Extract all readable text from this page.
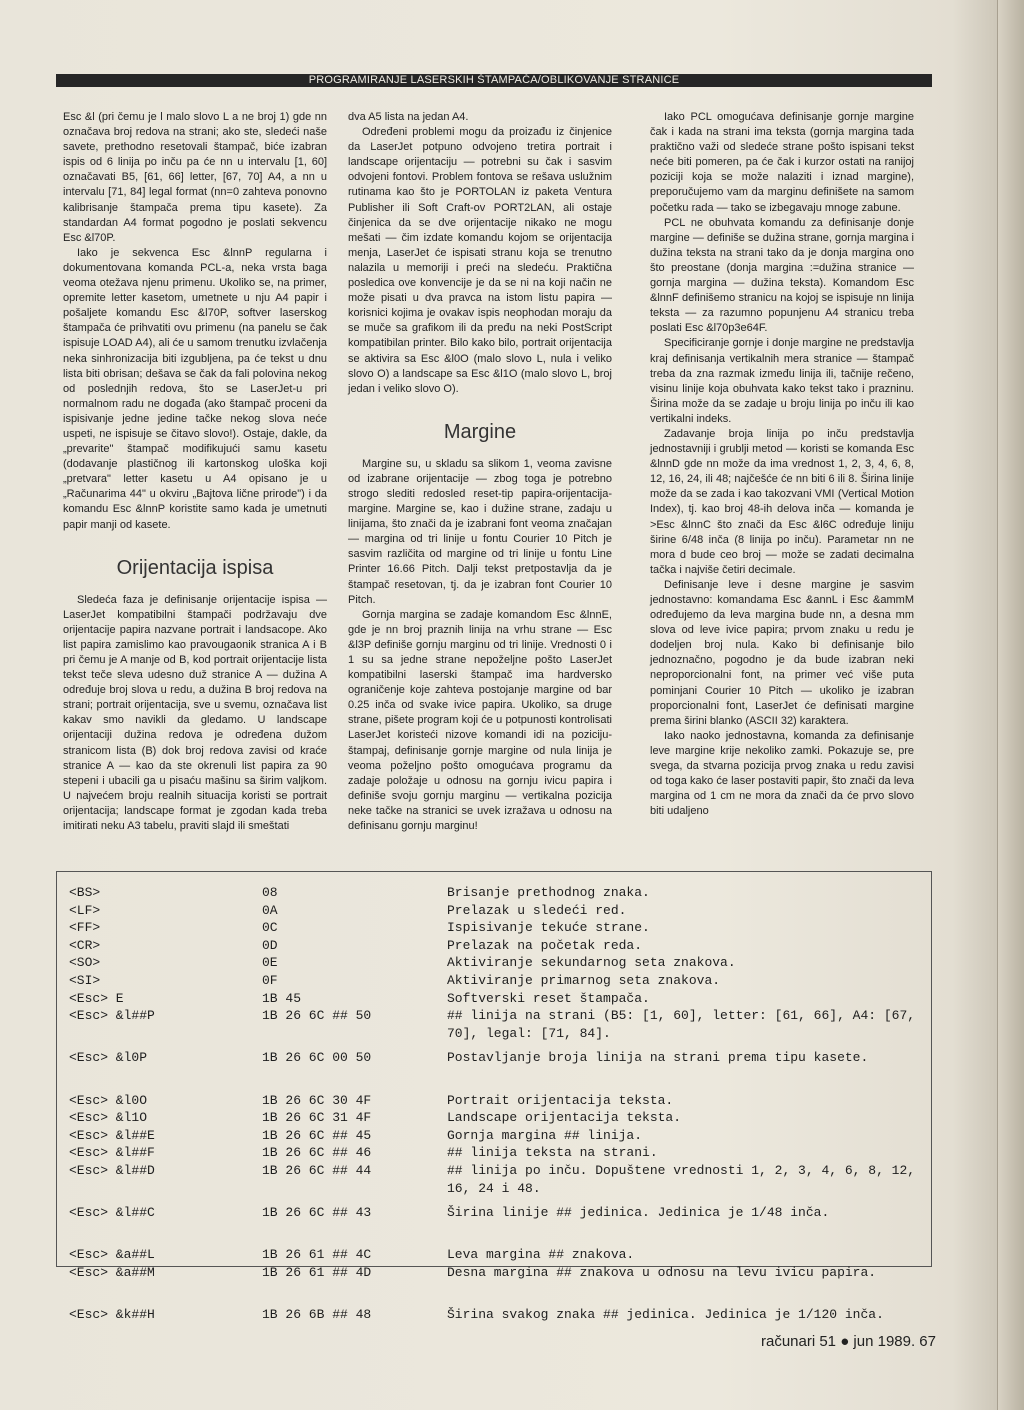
PROGRAMIRANJE LASERSKIH ŠTAMPAČA/OBLIKOVANJE STRANICE

Esc &l (pri čemu je l malo slovo L a ne broj 1) gde nn označava broj redova na strani; ako ste, sledeći naše savete, prethodno resetovali štampač, biće izabran ispis od 6 linija po inču pa će nn u intervalu [1, 60] označavati B5, [61, 66] letter, [67, 70] A4, a nn u intervalu [71, 84] legal format (nn=0 zahteva ponovno kalibrisanje štampača prema tipu kasete). Za standardan A4 format pogodno je poslati sekvencu Esc &l70P.

Iako je sekvenca Esc &lnnP regularna i dokumentovana komanda PCL-a, neka vrsta baga veoma otežava njenu primenu. Ukoliko se, na primer, opremite letter kasetom, umetnete u nju A4 papir i pošaljete komandu Esc &l70P, softver laserskog štampača će prihvatiti ovu primenu (na panelu se čak ispisuje LOAD A4), ali će u samom trenutku izvlačenja neka sinhronizacija biti izgubljena, pa će tekst u dnu lista biti obrisan; dešava se čak da fali polovina nekog od poslednjih redova, što se LaserJet-u pri normalnom radu ne događa (ako štampač proceni da ispisivanje jedne jedine tačke nekog slova neće uspeti, ne ispisuje se čitavo slovo!). Ostaje, dakle, da „prevarite" štampač modifikujući samu kasetu (dodavanje plastičnog ili kartonskog uloška koji „pretvara" letter kasetu u A4 opisano je u „Računarima 44" u okviru „Bajtova lične prirode") i da komandu Esc &lnnP koristite samo kada je umetnuti papir manji od kasete.

Orijentacija ispisa

Sledeća faza je definisanje orijentacije ispisa — LaserJet kompatibilni štampači podržavaju dve orijentacije papira nazvane portrait i landsacope. Ako list papira zamislimo kao pravougaonik stranica A i B pri čemu je A manje od B, kod portrait orijentacije lista tekst teče sleva udesno duž stranice A — dužina A određuje broj slova u redu, a dužina B broj redova na strani; portrait orijentacija, sve u svemu, označava list kakav smo navikli da gledamo. U landscape orijentaciji dužina redova je određena dužom stranicom lista (B) dok broj redova zavisi od kraće stranice A — kao da ste okrenuli list papira za 90 stepeni i ubacili ga u pisaću mašinu sa širim valjkom. U najvećem broju realnih situacija koristi se portrait orijentacija; landscape format je zgodan kada treba imitirati neku A3 tabelu, praviti slajd ili smeštati

dva A5 lista na jedan A4.

Određeni problemi mogu da proizađu iz činjenice da LaserJet potpuno odvojeno tretira portrait i landscape orijentaciju — potrebni su čak i sasvim odvojeni fontovi. Problem fontova se rešava uslužnim rutinama kao što je PORTOLAN iz paketa Ventura Publisher ili Soft Craft-ov PORT2LAN, ali ostaje činjenica da se dve orijentacije nikako ne mogu mešati — čim izdate komandu kojom se orijentacija menja, LaserJet će ispisati stranu koja se trenutno nalazila u memoriji i preći na sledeću. Praktična posledica ove konvencije je da se ni na koji način ne može pisati u dva pravca na istom listu papira — korisnici kojima je ovakav ispis neophodan moraju da se muče sa grafikom ili da pređu na neki PostScript kompatibilan printer. Bilo kako bilo, portrait orijentacija se aktivira sa Esc &l0O (malo slovo L, nula i veliko slovo O) a landscape sa Esc &l1O (malo slovo L, broj jedan i veliko slovo O).

Margine

Margine su, u skladu sa slikom 1, veoma zavisne od izabrane orijentacije — zbog toga je potrebno strogo slediti redosled reset-tip papira-orijentacija-margine. Margine se, kao i dužine strane, zadaju u linijama, što znači da je izabrani font veoma značajan — margina od tri linije u fontu Courier 10 Pitch je sasvim različita od margine od tri linije u fontu Line Printer 16.66 Pitch. Dalji tekst pretpostavlja da je štampač resetovan, tj. da je izabran font Courier 10 Pitch.

Gornja margina se zadaje komandom Esc &lnnE, gde je nn broj praznih linija na vrhu strane — Esc &l3P definiše gornju marginu od tri linije. Vrednosti 0 i 1 su sa jedne strane nepoželjne pošto LaserJet kompatibilni laserski štampač ima hardversko ograničenje koje zahteva postojanje margine od bar 0.25 inča od svake ivice papira. Ukoliko, sa druge strane, pišete program koji će u potpunosti kontrolisati LaserJet koristeći nizove komandi idi na poziciju-štampaj, definisanje gornje margine od nula linija je veoma poželjno pošto omogućava programu da zadaje položaje u odnosu na gornju ivicu papira i definiše svoju gornju marginu — vertikalna pozicija neke tačke na stranici se uvek izražava u odnosu na definisanu gornju marginu!

Iako PCL omogućava definisanje gornje margine čak i kada na strani ima teksta (gornja margina tada praktično važi od sledeće strane pošto ispisani tekst neće biti pomeren, pa će čak i kurzor ostati na ranijoj poziciji koja se može nalaziti i iznad margine), preporučujemo vam da marginu definišete na samom početku rada — tako se izbegavaju mnoge zabune.

PCL ne obuhvata komandu za definisanje donje margine — definiše se dužina strane, gornja margina i dužina teksta na strani tako da je donja margina ono što preostane (donja margina :=dužina stranice — gornja margina — dužina teksta). Komandom Esc &lnnF definišemo stranicu na kojoj se ispisuje nn linija teksta — za razumno popunjenu A4 stranicu treba poslati Esc &l70p3e64F.

Specificiranje gornje i donje margine ne predstavlja kraj definisanja vertikalnih mera stranice — štampač treba da zna razmak između linija ili, tačnije rečeno, visinu linije koja obuhvata kako tekst tako i prazninu. Širina može da se zadaje u broju linija po inču ili kao vertikalni indeks.

Zadavanje broja linija po inču predstavlja jednostavniji i grublji metod — koristi se komanda Esc &lnnD gde nn može da ima vrednost 1, 2, 3, 4, 6, 8, 12, 16, 24, ili 48; najčešće će nn biti 6 ili 8. Širina linije može da se zada i kao takozvani VMI (Vertical Motion Index), tj. kao broj 48-ih delova inča — komanda je >Esc &lnnC što znači da Esc &l6C određuje liniju širine 6/48 inča (8 linija po inču). Parametar nn ne mora d bude ceo broj — može se zadati decimalna tačka i najviše četiri decimale.

Definisanje leve i desne margine je sasvim jednostavno: komandama Esc &annL i Esc &ammM određujemo da leva margina bude nn, a desna mm slova od leve ivice papira; prvom znaku u redu je dodeljen broj nula. Kako bi definisanje bilo jednoznačno, pogodno je da bude izabran neki neproporcionalni font, na primer već više puta pominjani Courier 10 Pitch — ukoliko je izabran proporcionalni font, LaserJet će definisati margine prema širini blanko (ASCII 32) karaktera.

Iako naoko jednostavna, komanda za definisanje leve margine krije nekoliko zamki. Pokazuje se, pre svega, da stvarna pozicija prvog znaka u redu zavisi od toga kako će laser postaviti papir, što znači da leva margina od 1 cm ne mora da znači da će prvo slovo biti udaljeno

<BS>	08	Brisanje prethodnog znaka.
<LF>	0A	Prelazak u sledeći red.
<FF>	0C	Ispisivanje tekuće strane.
<CR>	0D	Prelazak na početak reda.
<SO>	0E	Aktiviranje sekundarnog seta znakova.
<SI>	0F	Aktiviranje primarnog seta znakova.
<Esc> E	1B 45	Softverski reset štampača.
<Esc> &l##P	1B 26 6C ## 50	## linija na strani (B5: [1, 60], letter: [61, 66], A4: [67, 70], legal: [71, 84].
<Esc> &l0P	1B 26 6C 00 50	Postavljanje broja linija na strani prema tipu kasete.
<Esc> &l0O	1B 26 6C 30 4F	Portrait orijentacija teksta.
<Esc> &l1O	1B 26 6C 31 4F	Landscape orijentacija teksta.
<Esc> &l##E	1B 26 6C ## 45	Gornja margina ## linija.
<Esc> &l##F	1B 26 6C ## 46	## linija teksta na strani.
<Esc> &l##D	1B 26 6C ## 44	## linija po inču. Dopuštene vrednosti 1, 2, 3, 4, 6, 8, 12, 16, 24 i 48.
<Esc> &l##C	1B 26 6C ## 43	Širina linije ## jedinica. Jedinica je 1/48 inča.
<Esc> &a##L	1B 26 61 ## 4C	Leva margina ## znakova.
<Esc> &a##M	1B 26 61 ## 4D	Desna margina ## znakova u odnosu na levu ivicu papira.
<Esc> &k##H	1B 26 6B ## 48	Širina svakog znaka ## jedinica. Jedinica je 1/120 inča.
računari 51 ● jun 1989. 67
